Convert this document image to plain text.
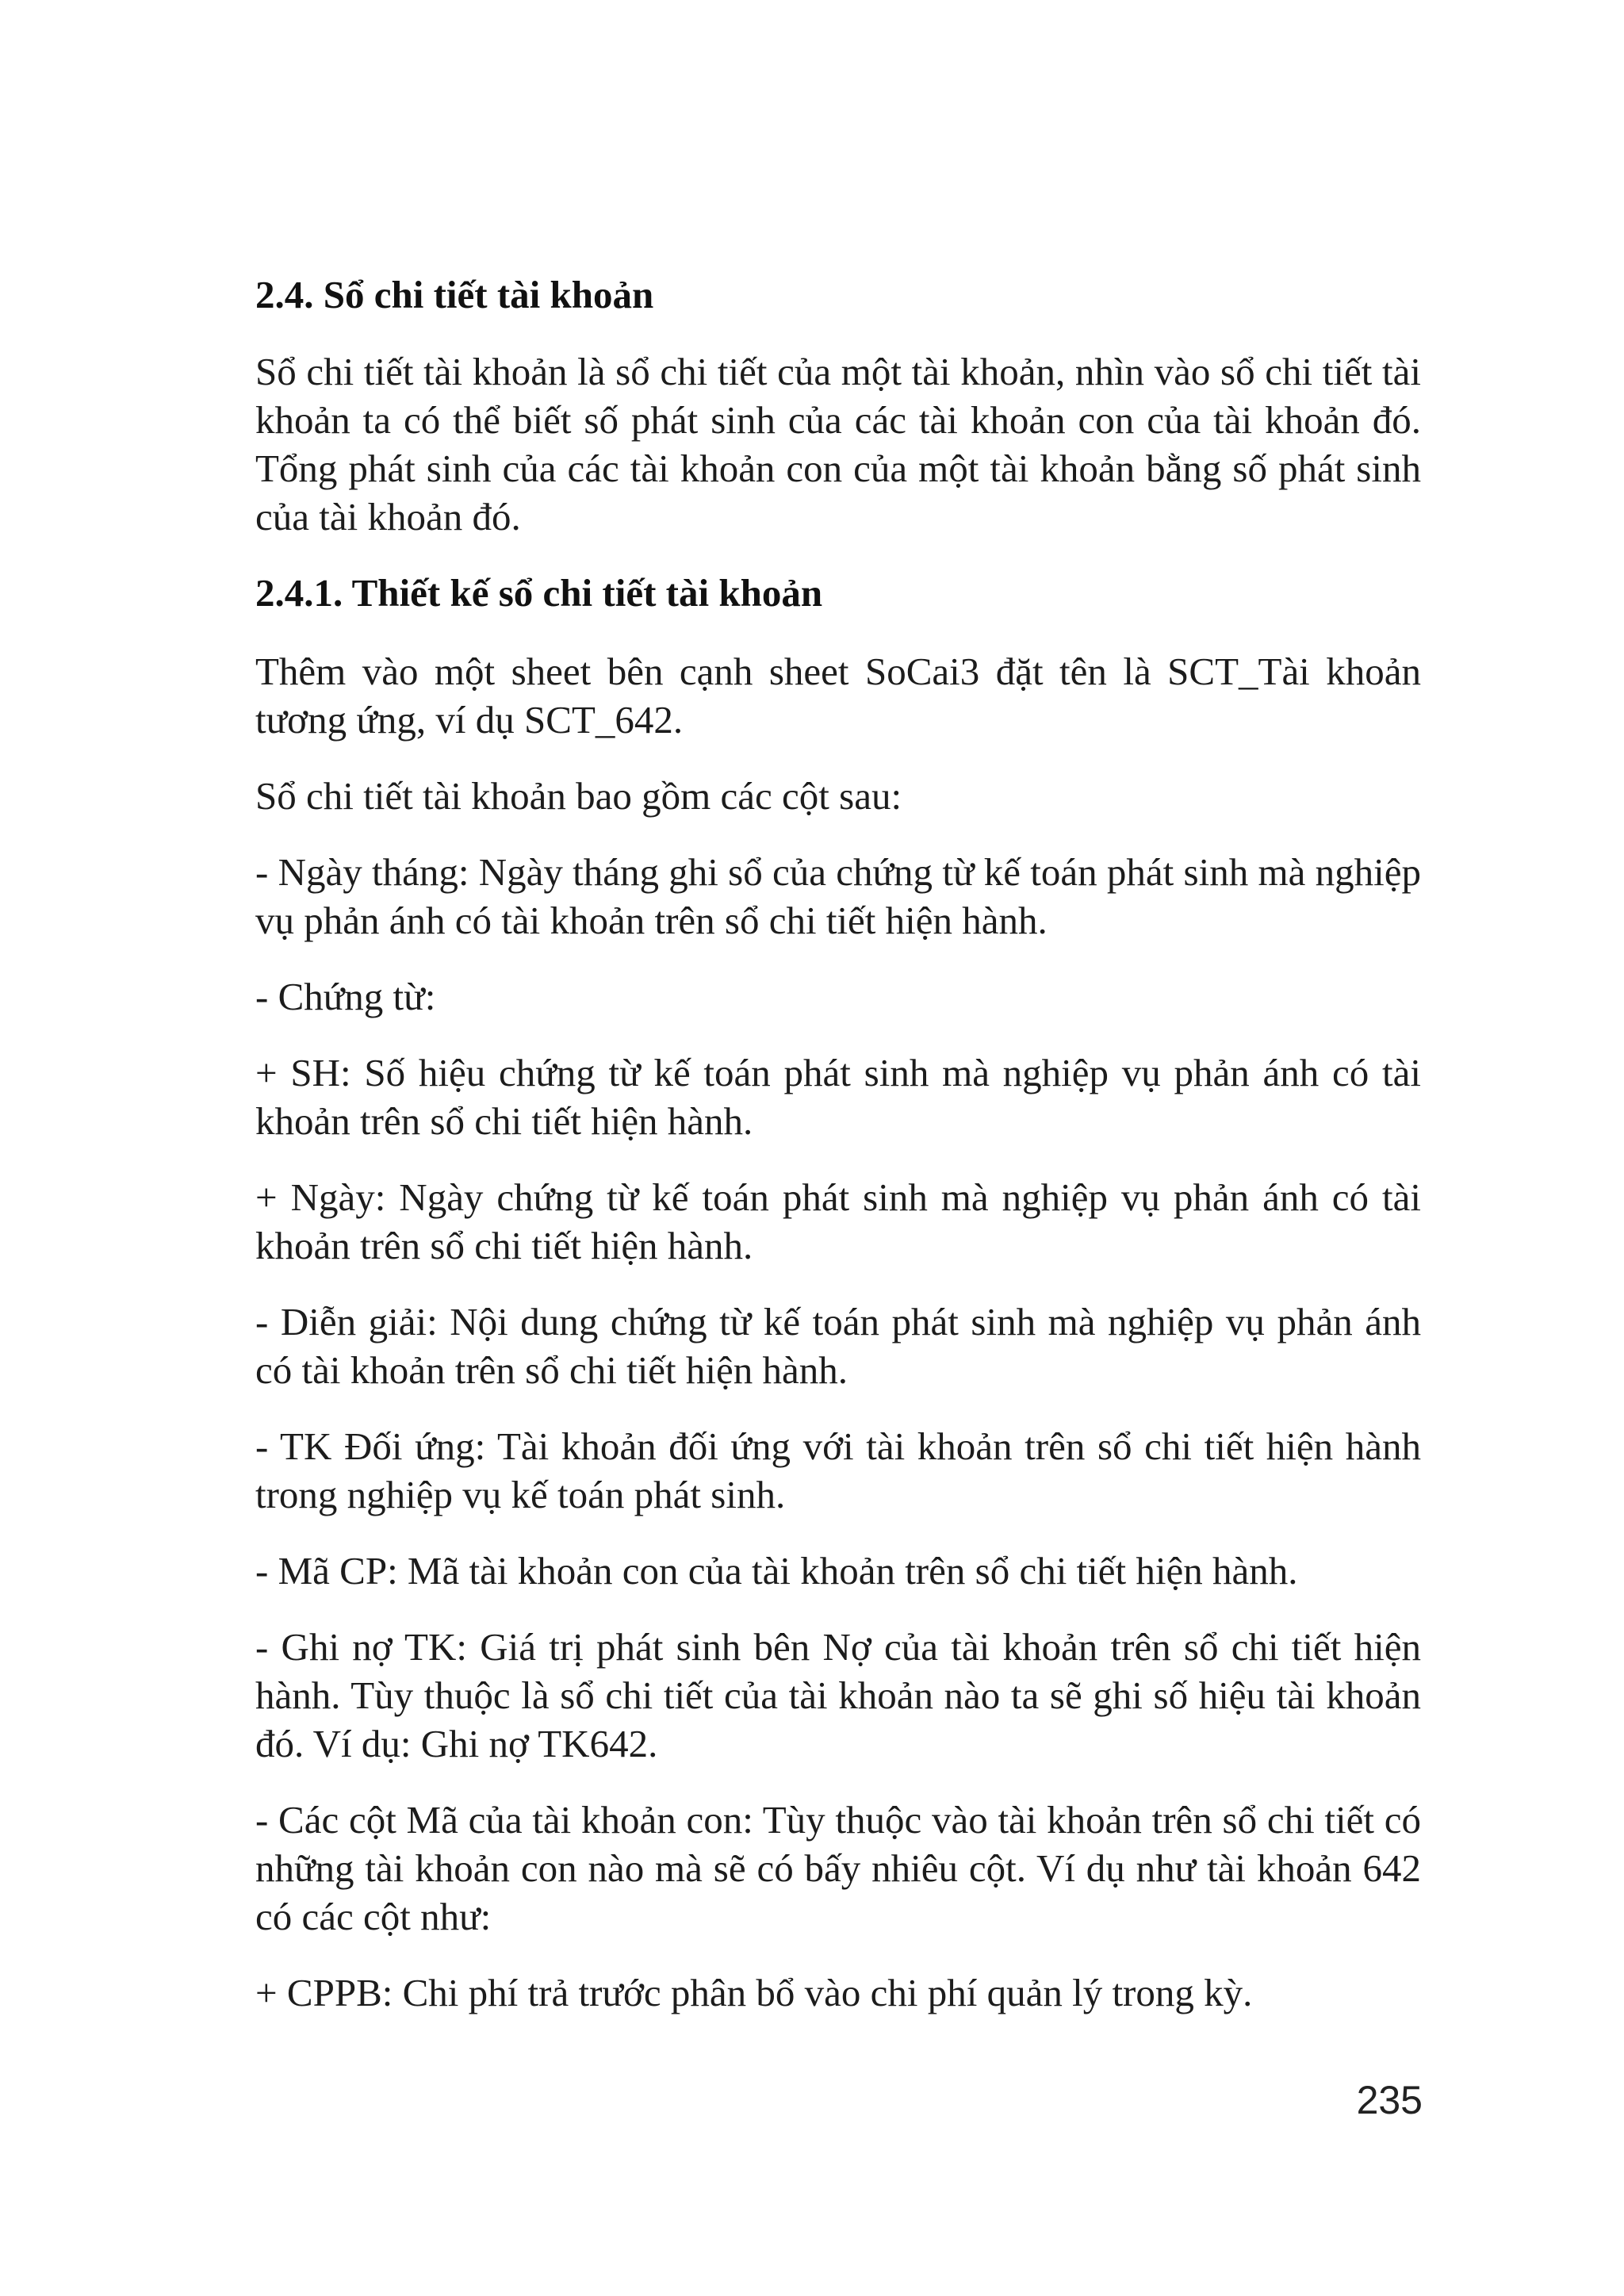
2.4. Sổ chi tiết tài khoản

Sổ chi tiết tài khoản là sổ chi tiết của một tài khoản, nhìn vào sổ chi tiết tài khoản ta có thể biết số phát sinh của các tài khoản con của tài khoản đó. Tổng phát sinh của các tài khoản con của một tài khoản bằng số phát sinh của tài khoản đó.

2.4.1. Thiết kế sổ chi tiết tài khoản

Thêm vào một sheet bên cạnh sheet SoCai3 đặt tên là SCT_Tài khoản tương ứng, ví dụ SCT_642.

Sổ chi tiết tài khoản bao gồm các cột sau:

- Ngày tháng: Ngày tháng ghi sổ của chứng từ kế toán phát sinh mà nghiệp vụ phản ánh có tài khoản trên sổ chi tiết hiện hành.

- Chứng từ:

+ SH: Số hiệu chứng từ kế toán phát sinh mà nghiệp vụ phản ánh có tài khoản trên sổ chi tiết hiện hành.

+ Ngày: Ngày chứng từ kế toán phát sinh mà nghiệp vụ phản ánh có tài khoản trên sổ chi tiết hiện hành.

- Diễn giải: Nội dung chứng từ kế toán phát sinh mà nghiệp vụ phản ánh có tài khoản trên sổ chi tiết hiện hành.

- TK Đối ứng: Tài khoản đối ứng với tài khoản trên sổ chi tiết hiện hành trong nghiệp vụ kế toán phát sinh.

- Mã CP: Mã tài khoản con của tài khoản trên sổ chi tiết hiện hành.

- Ghi nợ TK: Giá trị phát sinh bên Nợ của tài khoản trên sổ chi tiết hiện hành. Tùy thuộc là sổ chi tiết của tài khoản nào ta sẽ ghi số hiệu tài khoản đó. Ví dụ: Ghi nợ TK642.

- Các cột Mã của tài khoản con: Tùy thuộc vào tài khoản trên sổ chi tiết có những tài khoản con nào mà sẽ có bấy nhiêu cột. Ví dụ như tài khoản 642 có các cột như:

+ CPPB: Chi phí trả trước phân bổ vào chi phí quản lý trong kỳ.

235
